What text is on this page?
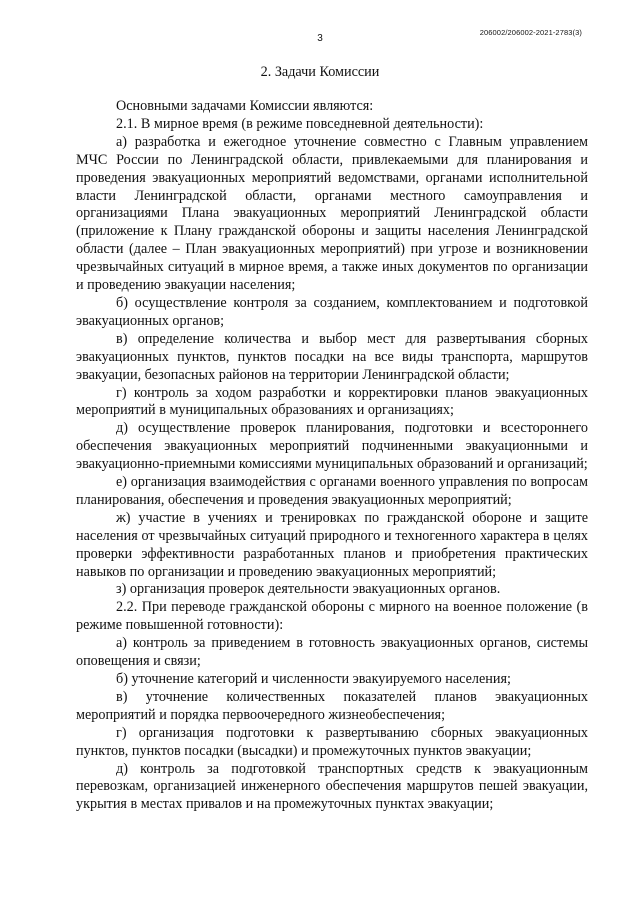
3
206002/206002-2021-2783(3)
2. Задачи Комиссии

Основными задачами Комиссии являются:

2.1. В мирное время (в режиме повседневной деятельности):

а) разработка и ежегодное уточнение совместно с Главным управлением МЧС России по Ленинградской области, привлекаемыми для планирования и проведения эвакуационных мероприятий ведомствами, органами исполнительной власти Ленинградской области, органами местного самоуправления и организациями Плана эвакуационных мероприятий Ленинградской области (приложение к Плану гражданской обороны и защиты населения Ленинградской области (далее – План эвакуационных мероприятий) при угрозе и возникновении чрезвычайных ситуаций в мирное время, а также иных документов по организации и проведению эвакуации населения;

б) осуществление контроля за созданием, комплектованием и подготовкой эвакуационных органов;

в) определение количества и выбор мест для развертывания сборных эвакуационных пунктов, пунктов посадки на все виды транспорта, маршрутов эвакуации, безопасных районов на территории Ленинградской области;

г) контроль за ходом разработки и корректировки планов эвакуационных мероприятий в муниципальных образованиях и организациях;

д) осуществление проверок планирования, подготовки и всестороннего обеспечения эвакуационных мероприятий подчиненными эвакуационными и эвакуационно-приемными комиссиями муниципальных образований и организаций;

е) организация взаимодействия с органами военного управления по вопросам планирования, обеспечения и проведения эвакуационных мероприятий;

ж) участие в учениях и тренировках по гражданской обороне и защите населения от чрезвычайных ситуаций природного и техногенного характера в целях проверки эффективности разработанных планов и приобретения практических навыков по организации и проведению эвакуационных мероприятий;

з) организация проверок деятельности эвакуационных органов.

2.2. При переводе гражданской обороны с мирного на военное положение (в режиме повышенной готовности):

а) контроль за приведением в готовность эвакуационных органов, системы оповещения и связи;

б) уточнение категорий и численности эвакуируемого населения;

в) уточнение количественных показателей планов эвакуационных мероприятий и порядка первоочередного жизнеобеспечения;

г) организация подготовки к развертыванию сборных эвакуационных пунктов, пунктов посадки (высадки) и промежуточных пунктов эвакуации;

д) контроль за подготовкой транспортных средств к эвакуационным перевозкам, организацией инженерного обеспечения маршрутов пешей эвакуации, укрытия в местах привалов и на промежуточных пунктах эвакуации;
